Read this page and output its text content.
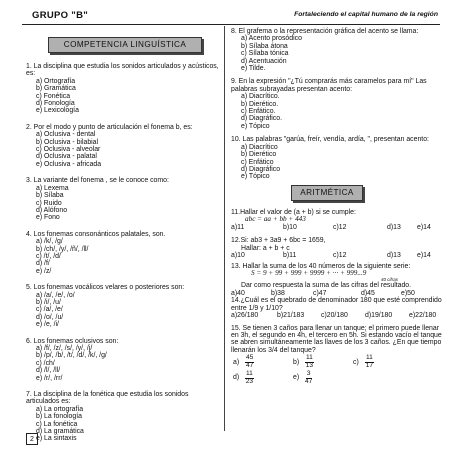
GRUPO "B"	Fortaleciendo el capital humano de la región
COMPETENCIA LINGUÍSTICA
1. La disciplina que estudia los sonidos articulados y acústicos, es:
a) Ortografía
b) Gramática
c) Fonética
d) Fonología
e) Lexicología
2. Por el modo y punto de articulación el fonema b, es:
a) Oclusiva - dental
b) Oclusiva - bilabial
c) Oclusiva - alveolar
d) Oclusiva - palatal
e) Oclusiva - africada
3. La variante del fonema , se le conoce como:
a) Lexema
b) Sílaba
c) Ruido
d) Alófono
e) Fono
4. Los fonemas consonánticos palatales, son.
a) /k/, /g/
b) /ch/, /y/, /ñ/, /ll/
c) /t/, /d/
d) /f/
e) /z/
5. Los fonemas vocálicos velares o posteriores son:
a) /a/, /e/, /o/
b) /i/, /u/
c) /a/, /e/
d) /o/, /u/
e) /e, /i/
6. Los fonemas oclusivos son:
a) /f/, /z/, /s/, /y/, /j/
b) /p/, /b/, /t/, /d/, /k/, /g/
c) /ch/
d) /l/, /ll/
e) /r/, /rr/
7. La disciplina de la fonética que estudia los sonidos articulados es:
a) La ortografía
b) La fonología
c) La fonética
d) La gramática
e) La sintaxis
8. El grafema o la representación gráfica del acento se llama:
a) Acento prosódico
b) Sílaba átona
c) Sílaba tónica
d) Acentuación
e) Tilde.
9. En la expresión "¿Tú comprarás más caramelos para mí" Las palabras subrayadas presentan acento:
a) Diacrítico.
b) Dierético.
c) Enfático.
d) Diagráfico.
e) Tópico
10. Las palabras "garúa, freír, vendía, ardía, ", presentan acento:
a) Diacrítico
b) Dierético
c) Enfático
d) Diagráfico
e) Tópico
ARITMÉTICA
11.Hallar el valor de (a + b) si se cumple:
abc = aa + bb + 443
a)11	b)10	c)12	d)13	e)14
12.Si: ab3 + 3a9 + 6bc = 1659,
Hallar: a + b + c
a)10	b)11	c)12	d)13	e)14
13. Hallar la suma de los 40 números de la siguiente serie:
S = 9 + 99 + 999 + 9999 + ··· + 999...9
40 cifras
Dar como respuesta la suma de las cifras del resultado.
a)40	b)38	c)47	d)45	e)50
14.¿Cuál es el quebrado de denominador 180 que esté comprendido entre 1/9 y 1/10?
a)26/180	b)21/183	c)20/180	d)19/180	e)22/180
15. Se tienen 3 caños para llenar un tanque; el primero puede llenar en 3h, el segundo en 4h, el tercero en 5h. Si estando vacío el tanque se abren simultáneamente las llaves de los 3 caños. ¿En que tiempo llenarán los 3/4 del tanque?
$a) \frac{45}{47}$	$b) \frac{11}{13}$	$c) \frac{11}{17}$
$d) \frac{11}{23}$	$e) \frac{3}{47}$
2
